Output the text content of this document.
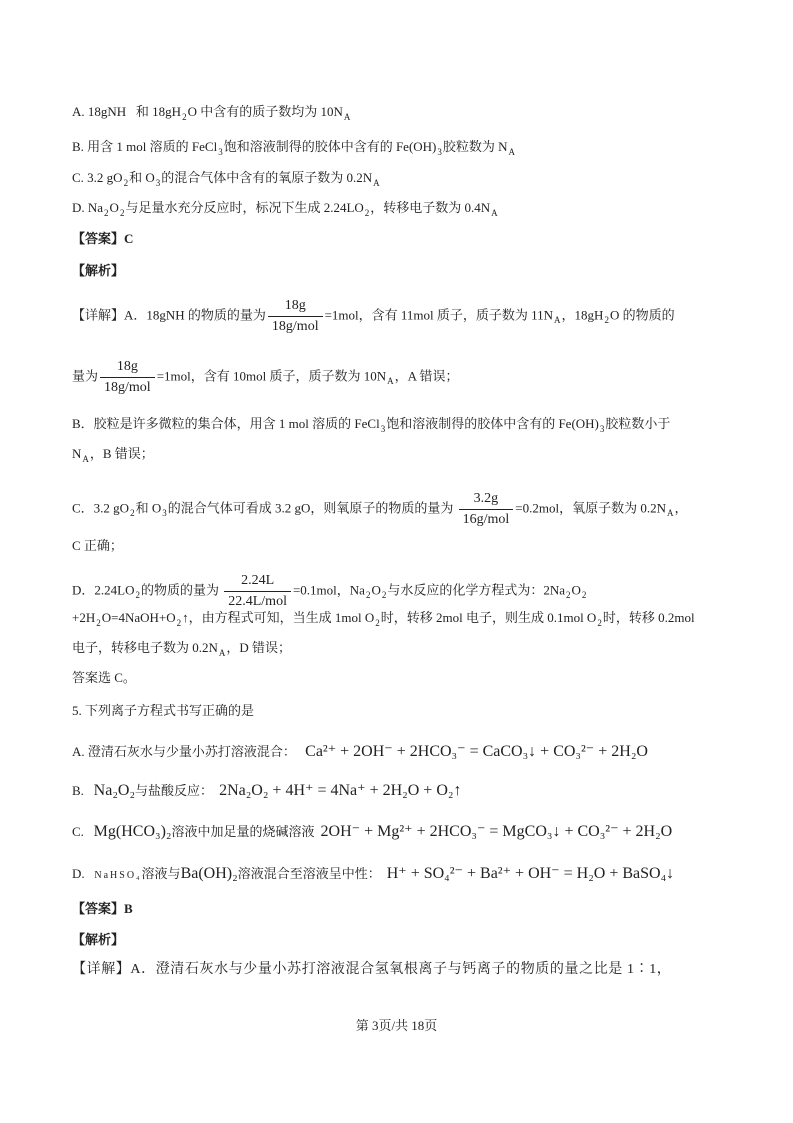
A. 18gNH 和 $18gH_2O$ 中含有的质子数均为 $10N_A$
B. 用含 1 mol 溶质的 FeCl$_3$饱和溶液制得的胶体中含有的 $Fe(OH)_3$胶粒数为 $N_A$
C. 3.2 $gO_2$和 $O_3$的混合气体中含有的氧原子数为 $0.2N_A$
D. $Na_2O_2$与足量水充分反应时，标况下生成 $2.24LO_2$，转移电子数为 $0.4N_A$
【答案】C
【解析】
【详解】A．18gNH 的物质的量为 $\frac{18g}{\text{18g/mol}} =1mol$，含有 11mol 质子，质子数为 $11N_A$，$18gH_2O$ 的物质的
量为 $\frac{18g}{\text{18g/mol}} =1mol$，含有 10mol 质子，质子数为 $10N_A$，A 错误；
B．胶粒是许多微粒的集合体，用含 1 mol 溶质的 FeCl$_3$饱和溶液制得的胶体中含有的 $Fe(OH)_3$胶粒数小于
$N_A$，B 错误；
C．3.2 $gO_2$和 $O_3$的混合气体可看成 3.2 gO，则氧原子的物质的量为 $\frac{3.2g}{\text{16g/mol}} =0.2mol$，氧原子数为 $0.2N_A$，
C 正确；
D．$2.24LO_2$的物质的量为 $\frac{2.24L}{\text{22.4L/mol}} =0.1mol$，$Na_2O_2$与水反应的化学方程式为：$2Na_2O_2$
$+2H_2O=4NaOH+O_2↑$，由方程式可知，当生成 1mol $O_2$时，转移 2mol 电子，则生成 0.1mol $O_2$时，转移 0.2mol
电子，转移电子数为 $0.2N_A$，D 错误；
答案选 C。
5. 下列离子方程式书写正确的是
A. 澄清石灰水与少量小苏打溶液混合： Ca²⁺ + 2OH⁻ + 2HCO₃⁻ = CaCO₃↓ + CO₃²⁻ + 2H₂O
B. Na₂O₂与盐酸反应： 2Na₂O₂ + 4H⁺ = 4Na⁺ + 2H₂O + O₂↑
C. Mg(HCO₃)₂溶液中加足量的烧碱溶液 2OH⁻ + Mg²⁺ + 2HCO₃⁻ = MgCO₃↓ + CO₃²⁻ + 2H₂O
D. NaHSO₄溶液与Ba(OH)₂溶液混合至溶液呈中性： H⁺ + SO₄²⁻ + Ba²⁺ + OH⁻ = H₂O + BaSO₄↓
【答案】B
【解析】
【详解】A．澄清石灰水与少量小苏打溶液混合氢氧根离子与钙离子的物质的量之比是 1∶1，
第 3页/共 18页
